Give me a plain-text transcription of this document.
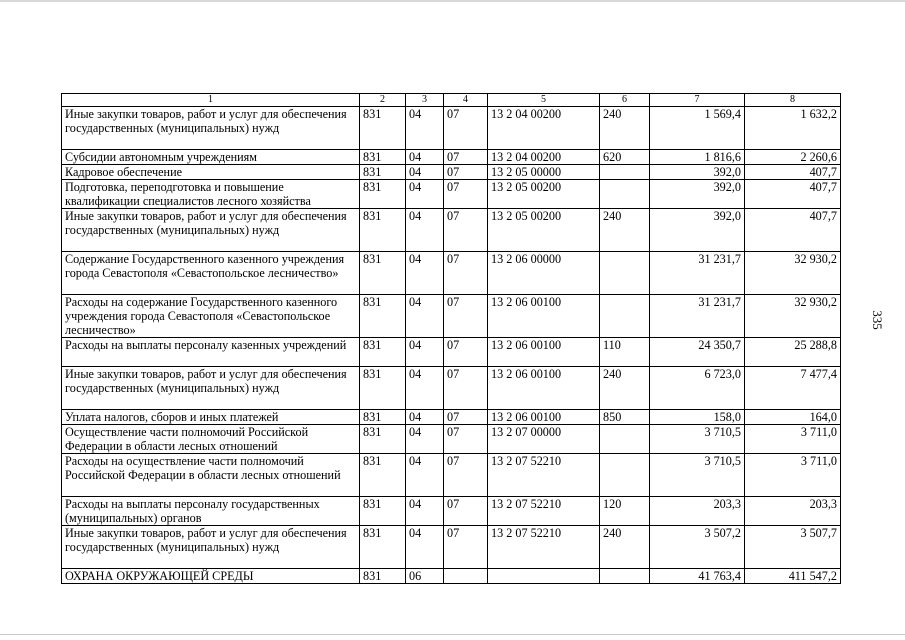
335
1	2	3	4	5	6	7	8
Иные закупки товаров, работ и услуг для обеспечения государственных (муниципальных) нужд	831	04	07	13 2 04 00200	240	1 569,4	1 632,2
Субсидии автономным учреждениям	831	04	07	13 2 04 00200	620	1 816,6	2 260,6
Кадровое обеспечение	831	04	07	13 2 05 00000		392,0	407,7
Подготовка, переподготовка и повышение квалификации специалистов лесного хозяйства	831	04	07	13 2 05 00200		392,0	407,7
Иные закупки товаров, работ и услуг для обеспечения государственных (муниципальных) нужд	831	04	07	13 2 05 00200	240	392,0	407,7
Содержание Государственного казенного учреждения города Севастополя «Севастопольское лесничество»	831	04	07	13 2 06 00000		31 231,7	32 930,2
Расходы на содержание Государственного казенного учреждения города Севастополя «Севастопольское лесничество»	831	04	07	13 2 06 00100		31 231,7	32 930,2
Расходы на выплаты персоналу казенных учреждений	831	04	07	13 2 06 00100	110	24 350,7	25 288,8
Иные закупки товаров, работ и услуг для обеспечения государственных (муниципальных) нужд	831	04	07	13 2 06 00100	240	6 723,0	7 477,4
Уплата налогов, сборов и иных платежей	831	04	07	13 2 06 00100	850	158,0	164,0
Осуществление части полномочий Российской Федерации в области лесных отношений	831	04	07	13 2 07 00000		3 710,5	3 711,0
Расходы на осуществление части полномочий Российской Федерации в области лесных отношений	831	04	07	13 2 07 52210		3 710,5	3 711,0
Расходы на выплаты персоналу государственных (муниципальных) органов	831	04	07	13 2 07 52210	120	203,3	203,3
Иные закупки товаров, работ и услуг для обеспечения государственных (муниципальных) нужд	831	04	07	13 2 07 52210	240	3 507,2	3 507,7
ОХРАНА ОКРУЖАЮЩЕЙ СРЕДЫ	831	06				41 763,4	411 547,2
